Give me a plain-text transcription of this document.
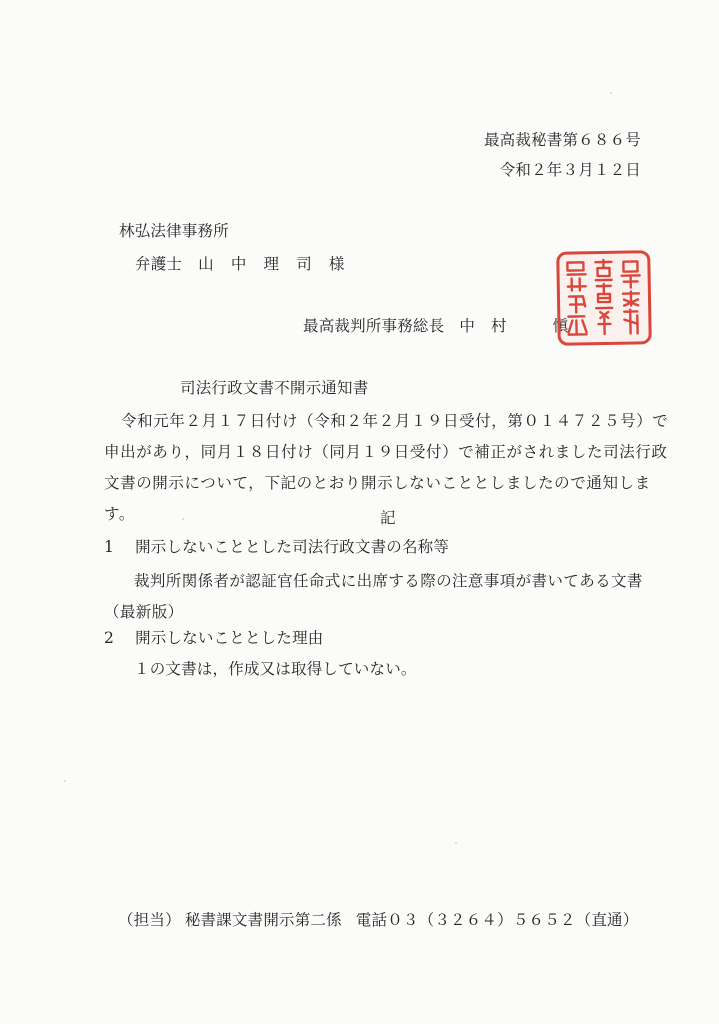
最高裁秘書第６８６号
令和２年３月１２日
林弘法律事務所
弁護士 山 中 理 司 様
最高裁判所事務総長 中 村	愼
司法行政文書不開示通知書
令和元年２月１７日付け（令和２年２月１９日受付，第０１４７２５号）で申出があり，同月１８日付け（同月１９日受付）で補正がされました司法行政文書の開示について，下記のとおり開示しないこととしましたので通知します。	記
1 開示しないこととした司法行政文書の名称等
裁判所関係者が認証官任命式に出席する際の注意事項が書いてある文書（最新版）
2 開示しないこととした理由
１の文書は，作成又は取得していない。
（担当） 秘書課文書開示第二係 電話０３（３２６４）５６５２（直通）
